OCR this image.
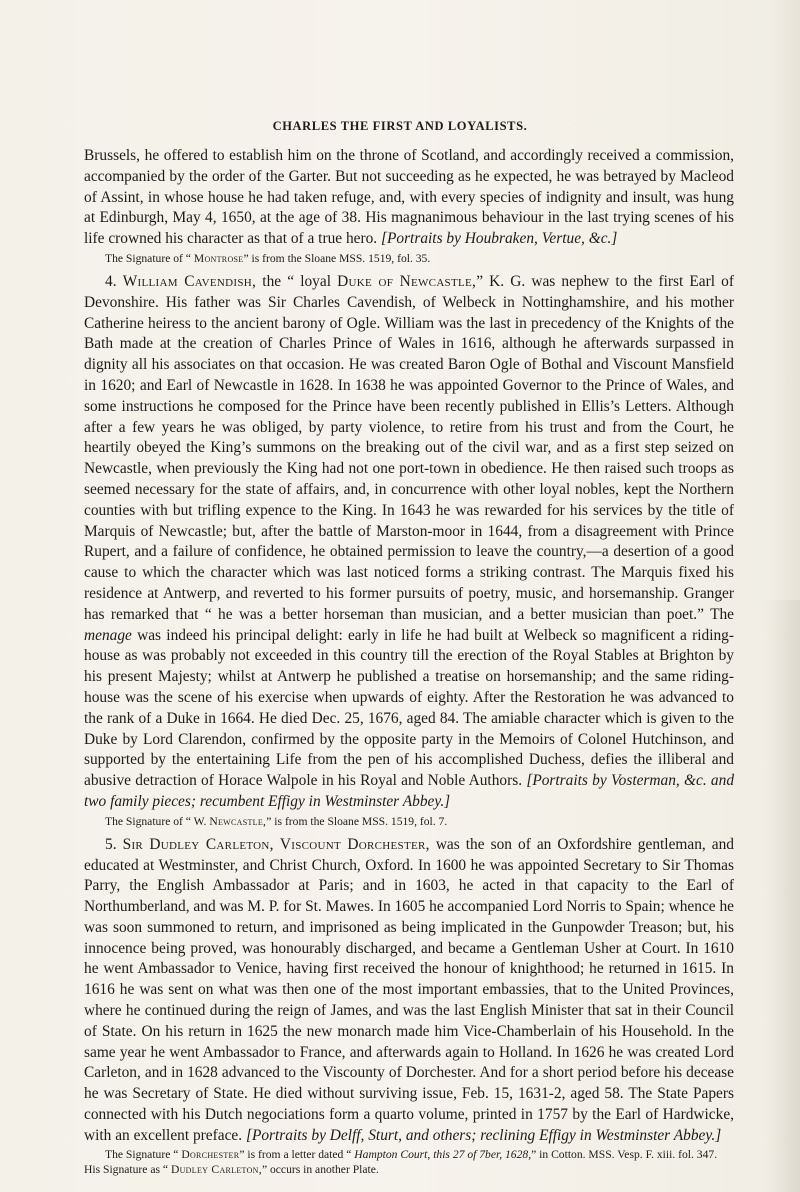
CHARLES THE FIRST AND LOYALISTS.

Brussels, he offered to establish him on the throne of Scotland, and accordingly received a commission, accompanied by the order of the Garter. But not succeeding as he expected, he was betrayed by Macleod of Assint, in whose house he had taken refuge, and, with every species of indignity and insult, was hung at Edinburgh, May 4, 1650, at the age of 38. His magnanimous behaviour in the last trying scenes of his life crowned his character as that of a true hero. [Portraits by Houbraken, Vertue, &c.]

The Signature of “ Montrose” is from the Sloane MSS. 1519, fol. 35.

4. William Cavendish, the “ loyal Duke of Newcastle,” K. G. was nephew to the first Earl of Devonshire. His father was Sir Charles Cavendish, of Welbeck in Nottinghamshire, and his mother Catherine heiress to the ancient barony of Ogle. William was the last in precedency of the Knights of the Bath made at the creation of Charles Prince of Wales in 1616, although he afterwards surpassed in dignity all his associates on that occasion. He was created Baron Ogle of Bothal and Viscount Mansfield in 1620; and Earl of Newcastle in 1628. In 1638 he was appointed Governor to the Prince of Wales, and some instructions he composed for the Prince have been recently published in Ellis’s Letters. Although after a few years he was obliged, by party violence, to retire from his trust and from the Court, he heartily obeyed the King’s summons on the breaking out of the civil war, and as a first step seized on Newcastle, when previously the King had not one port-town in obedience. He then raised such troops as seemed necessary for the state of affairs, and, in concurrence with other loyal nobles, kept the Northern counties with but trifling expence to the King. In 1643 he was rewarded for his services by the title of Marquis of Newcastle; but, after the battle of Marston-moor in 1644, from a disagreement with Prince Rupert, and a failure of confidence, he obtained permission to leave the country,—a desertion of a good cause to which the character which was last noticed forms a striking contrast. The Marquis fixed his residence at Antwerp, and reverted to his former pursuits of poetry, music, and horsemanship. Granger has remarked that “ he was a better horseman than musician, and a better musician than poet.” The menage was indeed his principal delight: early in life he had built at Welbeck so magnificent a riding-house as was probably not exceeded in this country till the erection of the Royal Stables at Brighton by his present Majesty; whilst at Antwerp he published a treatise on horsemanship; and the same riding-house was the scene of his exercise when upwards of eighty. After the Restoration he was advanced to the rank of a Duke in 1664. He died Dec. 25, 1676, aged 84. The amiable character which is given to the Duke by Lord Clarendon, confirmed by the opposite party in the Memoirs of Colonel Hutchinson, and supported by the entertaining Life from the pen of his accomplished Duchess, defies the illiberal and abusive detraction of Horace Walpole in his Royal and Noble Authors. [Portraits by Vosterman, &c. and two family pieces; recumbent Effigy in Westminster Abbey.]

The Signature of “ W. Newcastle,” is from the Sloane MSS. 1519, fol. 7.

5. Sir Dudley Carleton, Viscount Dorchester, was the son of an Oxfordshire gentleman, and educated at Westminster, and Christ Church, Oxford. In 1600 he was appointed Secretary to Sir Thomas Parry, the English Ambassador at Paris; and in 1603, he acted in that capacity to the Earl of Northumberland, and was M. P. for St. Mawes. In 1605 he accompanied Lord Norris to Spain; whence he was soon summoned to return, and imprisoned as being implicated in the Gunpowder Treason; but, his innocence being proved, was honourably discharged, and became a Gentleman Usher at Court. In 1610 he went Ambassador to Venice, having first received the honour of knighthood; he returned in 1615. In 1616 he was sent on what was then one of the most important embassies, that to the United Provinces, where he continued during the reign of James, and was the last English Minister that sat in their Council of State. On his return in 1625 the new monarch made him Vice-Chamberlain of his Household. In the same year he went Ambassador to France, and afterwards again to Holland. In 1626 he was created Lord Carleton, and in 1628 advanced to the Viscounty of Dorchester. And for a short period before his decease he was Secretary of State. He died without surviving issue, Feb. 15, 1631-2, aged 58. The State Papers connected with his Dutch negociations form a quarto volume, printed in 1757 by the Earl of Hardwicke, with an excellent preface. [Portraits by Delff, Sturt, and others; reclining Effigy in Westminster Abbey.]

The Signature “ Dorchester” is from a letter dated “ Hampton Court, this 27 of 7ber, 1628,” in Cotton. MSS. Vesp. F. xiii. fol. 347.

His Signature as “ Dudley Carleton,” occurs in another Plate.
